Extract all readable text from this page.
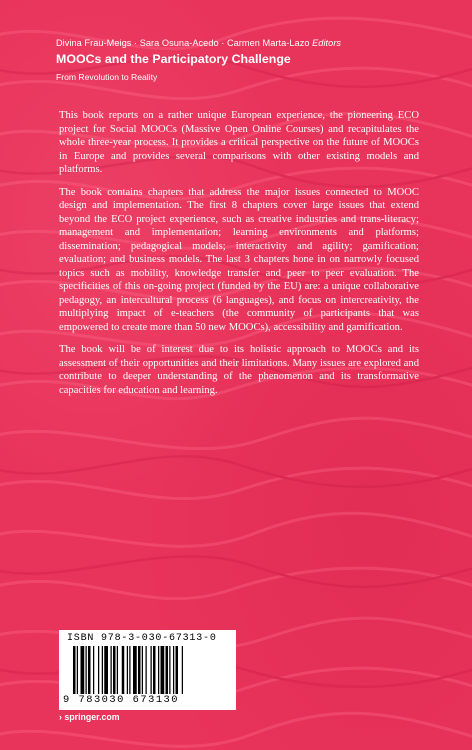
Divina Frau-Meigs · Sara Osuna-Acedo · Carmen Marta-Lazo Editors
MOOCs and the Participatory Challenge
From Revolution to Reality

This book reports on a rather unique European experience, the pioneering ECO project for Social MOOCs (Massive Open Online Courses) and recapitulates the whole three-year process. It provides a critical perspective on the future of MOOCs in Europe and provides several comparisons with other existing models and platforms.

The book contains chapters that address the major issues connected to MOOC design and implementation. The first 8 chapters cover large issues that extend beyond the ECO project experience, such as creative industries and trans-literacy; management and implementation; learning environments and platforms; dissemination; pedagogical models; interactivity and agility; gamification; evaluation; and business models. The last 3 chapters hone in on narrowly focused topics such as mobility, knowledge transfer and peer to peer evaluation. The specificities of this on-going project (funded by the EU) are: a unique collaborative pedagogy, an intercultural process (6 languages), and focus on intercreativity, the multiplying impact of e-teachers (the community of participants that was empowered to create more than 50 new MOOCs), accessibility and gamification.

The book will be of interest due to its holistic approach to MOOCs and its assessment of their opportunities and their limitations. Many issues are explored and contribute to deeper understanding of the phenomenon and its transformative capacities for education and learning.

ISBN 978-3-030-67313-0
9 783030 673130
› springer.com
